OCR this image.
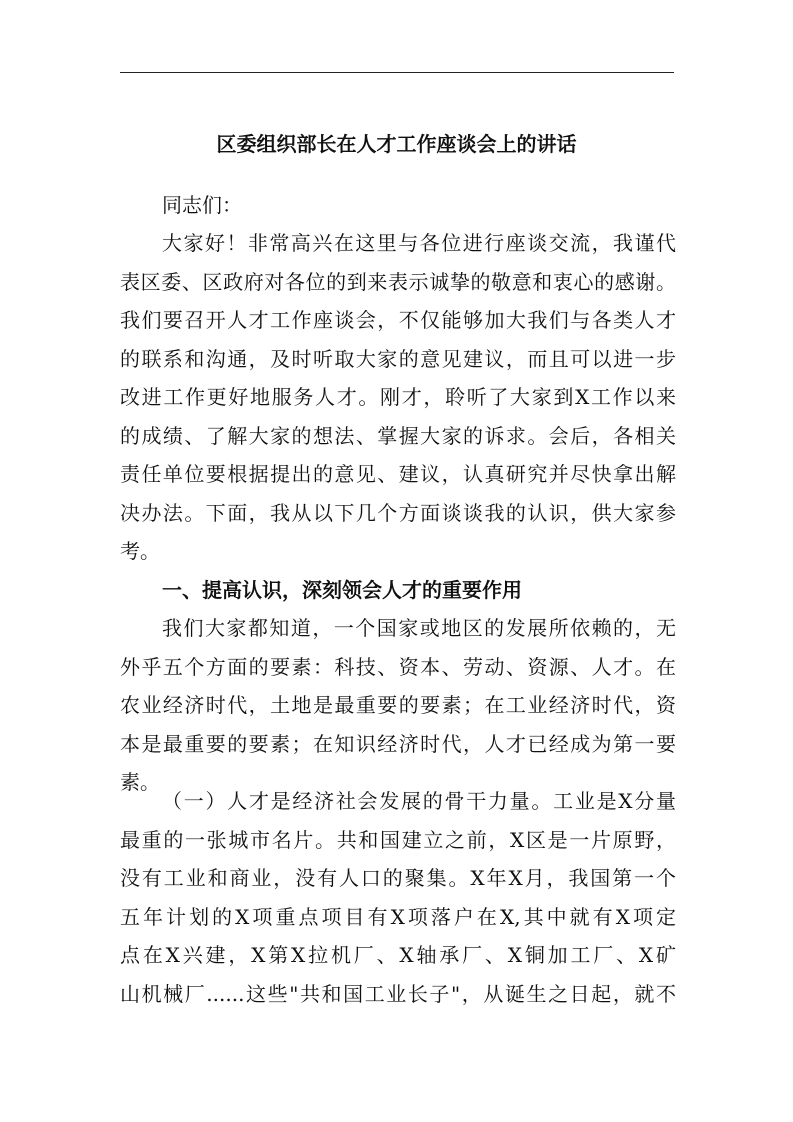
区委组织部长在人才工作座谈会上的讲话
同志们：
大家好！非常高兴在这里与各位进行座谈交流，我谨代
表区委、区政府对各位的到来表示诚挚的敬意和衷心的感谢。
我们要召开人才工作座谈会，不仅能够加大我们与各类人才
的联系和沟通，及时听取大家的意见建议，而且可以进一步
改进工作更好地服务人才。刚才，聆听了大家到X工作以来
的成绩、了解大家的想法、掌握大家的诉求。会后，各相关
责任单位要根据提出的意见、建议，认真研究并尽快拿出解
决办法。下面，我从以下几个方面谈谈我的认识，供大家参
考。
一、提高认识，深刻领会人才的重要作用
我们大家都知道，一个国家或地区的发展所依赖的，无
外乎五个方面的要素：科技、资本、劳动、资源、人才。在
农业经济时代，土地是最重要的要素；在工业经济时代，资
本是最重要的要素；在知识经济时代，人才已经成为第一要
素。
（一）人才是经济社会发展的骨干力量。工业是X分量
最重的一张城市名片。共和国建立之前，X区是一片原野，
没有工业和商业，没有人口的聚集。X年X月，我国第一个
五年计划的X项重点项目有X项落户在X,其中就有X项定
点在X兴建，X第X拉机厂、X轴承厂、X铜加工厂、X矿
山机械厂......这些"共和国工业长子"，从诞生之日起，就不
